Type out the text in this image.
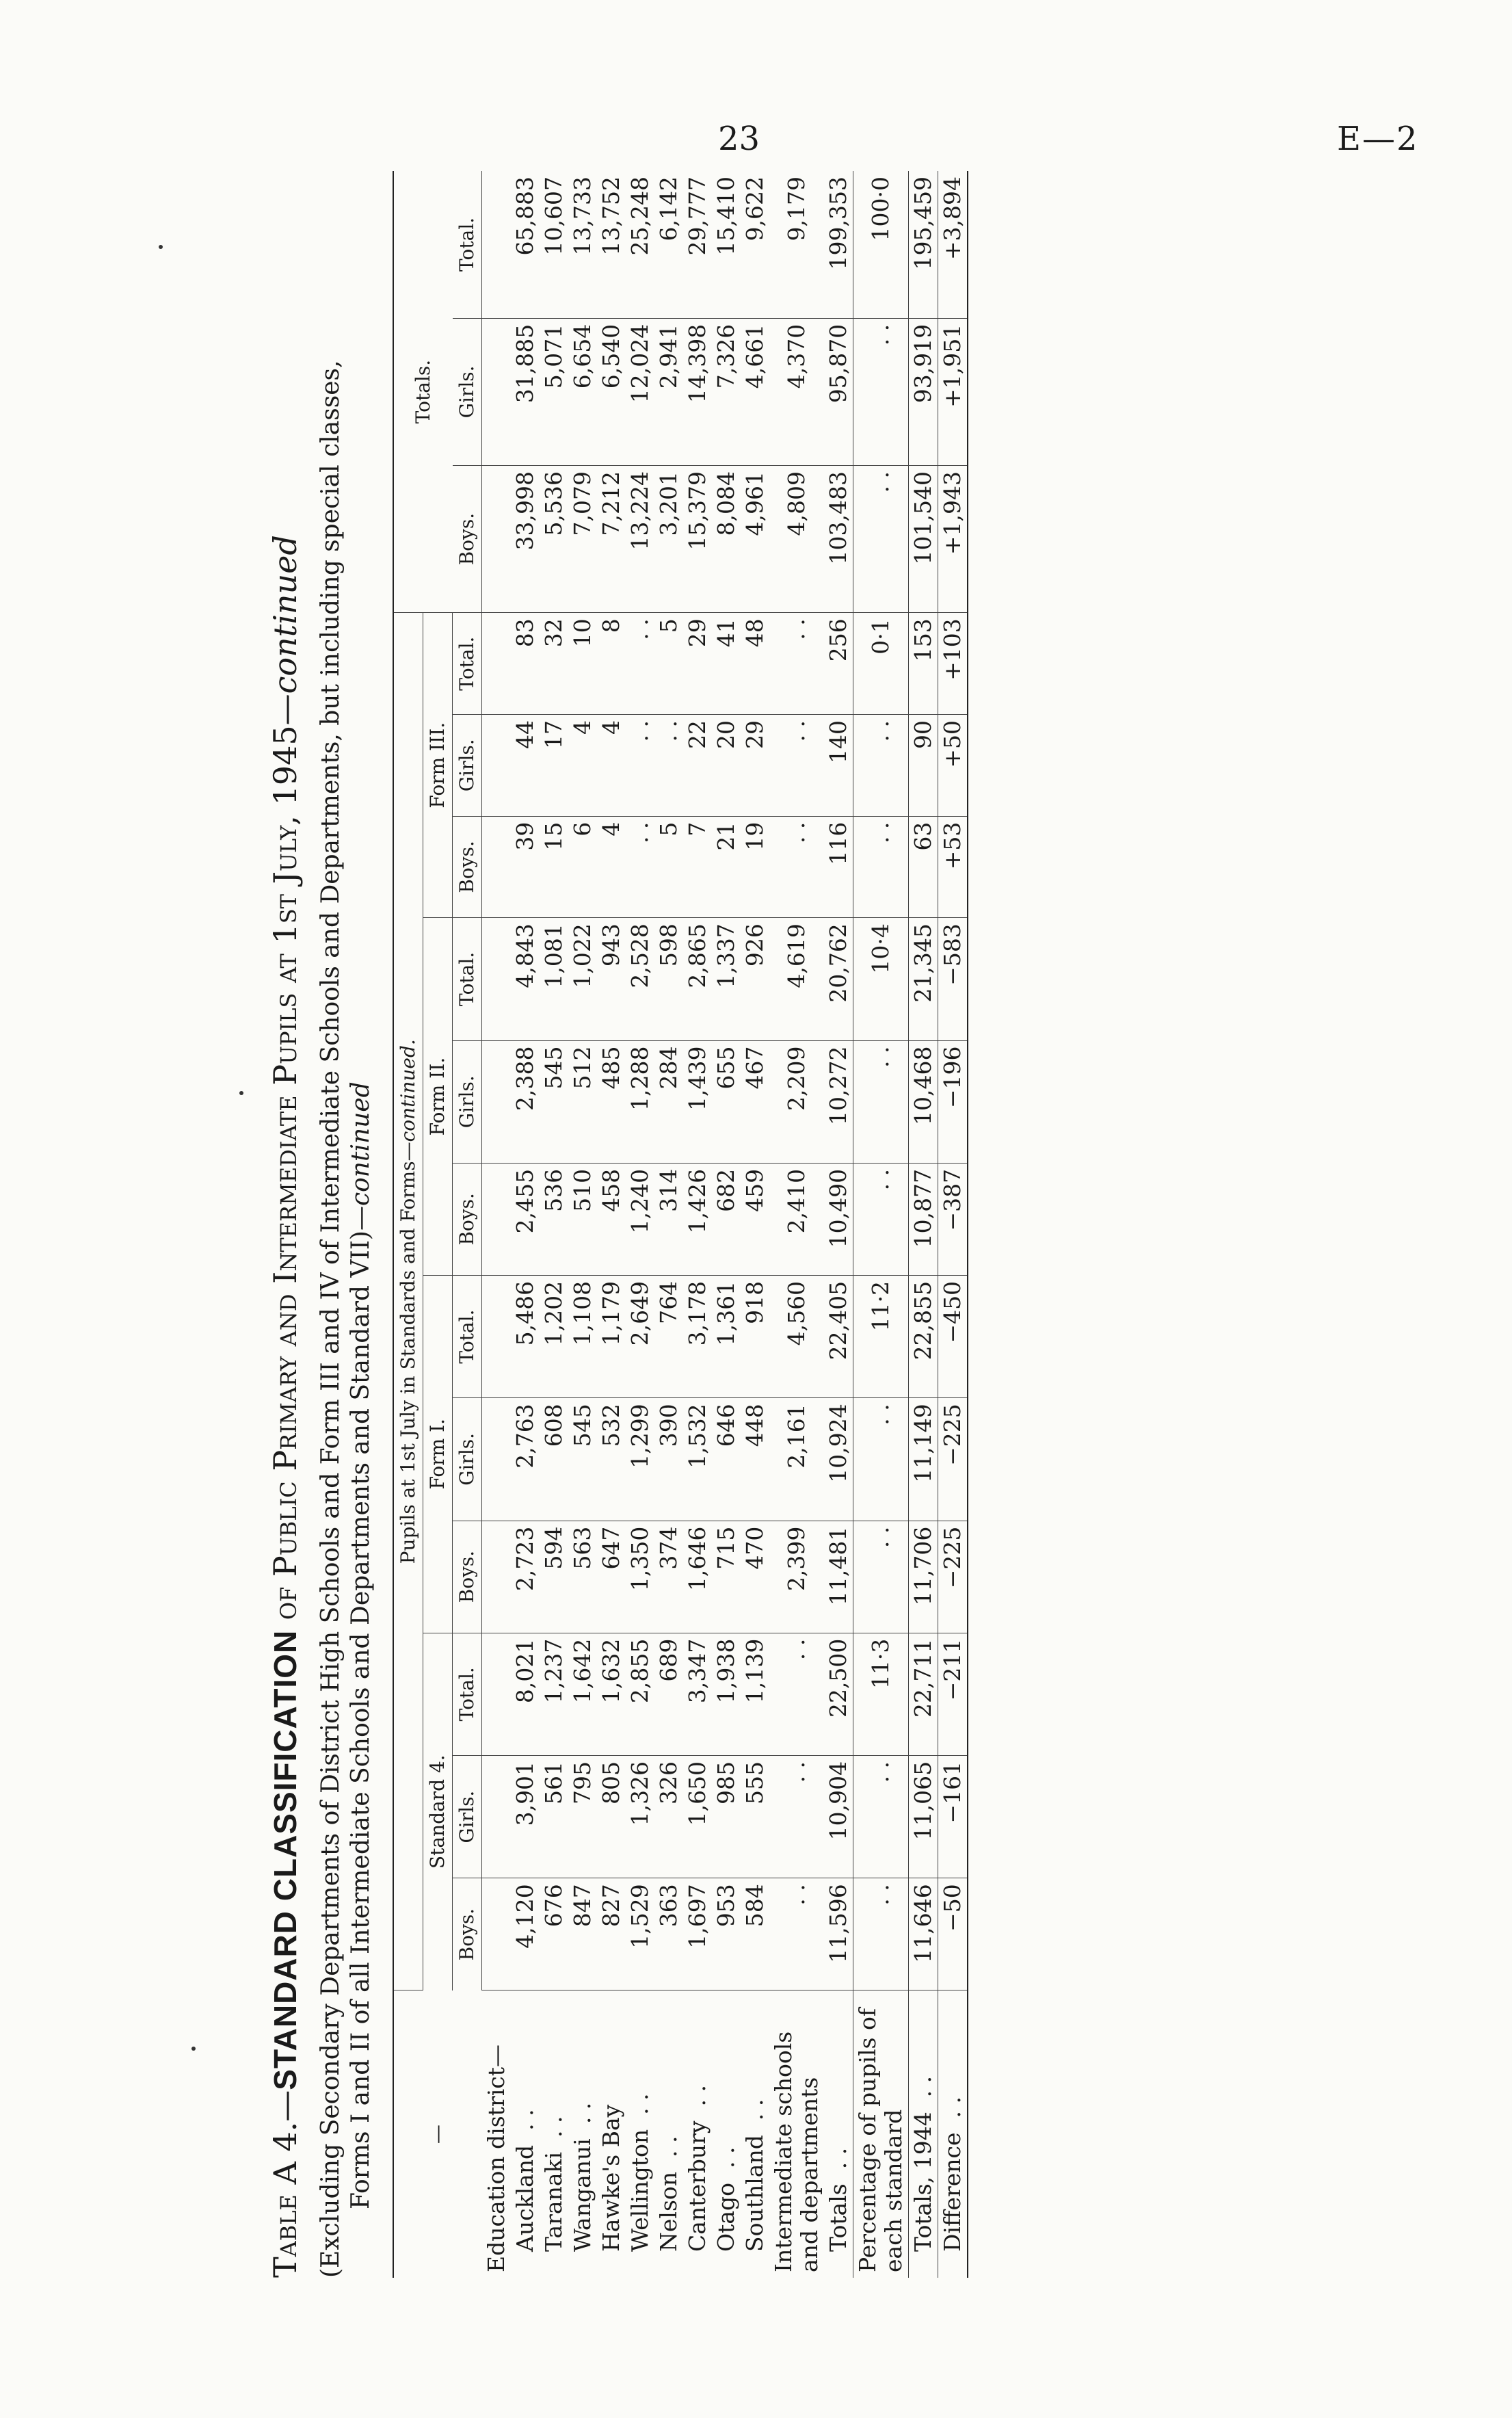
23	E—2
Table A 4.—STANDARD CLASSIFICATION of Public Primary and Intermediate Pupils at 1st July, 1945—continued (Excluding Secondary Departments of District High Schools and Form III and IV of Intermediate Schools and Departments, but including special classes, Forms I and II of all Intermediate Schools and Departments and Standard VII)—continued
—	Pupils at 1st July in Standards and Forms—continued.												Totals.		
	Standard 4.			Form I.			Form II.			Form III.					
	Boys.	Girls.	Total.	Boys.	Girls.	Total.	Boys.	Girls.	Total.	Boys.	Girls.	Total.	Boys.	Girls.	Total.
Education district—															
Auckland  . .	4,120	3,901	8,021	2,723	2,763	5,486	2,455	2,388	4,843	39	44	83	33,998	31,885	65,883
Taranaki  . .	676	561	1,237	594	608	1,202	536	545	1,081	15	17	32	5,536	5,071	10,607
Wanganui  . .	847	795	1,642	563	545	1,108	510	512	1,022	6	4	10	7,079	6,654	13,733
Hawke's Bay	827	805	1,632	647	532	1,179	458	485	943	4	4	8	7,212	6,540	13,752
Wellington  . .	1,529	1,326	2,855	1,350	1,299	2,649	1,240	1,288	2,528	. .	. .	. .	13,224	12,024	25,248
Nelson  . .	363	326	689	374	390	764	314	284	598	5	. .	5	3,201	2,941	6,142
Canterbury  . .	1,697	1,650	3,347	1,646	1,532	3,178	1,426	1,439	2,865	7	22	29	15,379	14,398	29,777
Otago  . .	953	985	1,938	715	646	1,361	682	655	1,337	21	20	41	8,084	7,326	15,410
Southland  . .	584	555	1,139	470	448	918	459	467	926	19	29	48	4,961	4,661	9,622
Intermediate schools and departments	. .	. .	. .	2,399	2,161	4,560	2,410	2,209	4,619	. .	. .	. .	4,809	4,370	9,179
Totals  . .	11,596	10,904	22,500	11,481	10,924	22,405	10,490	10,272	20,762	116	140	256	103,483	95,870	199,353
Percentage of pupils of each standard	. .	. .	11·3	. .	. .	11·2	. .	. .	10·4	. .	. .	0·1	. .	. .	100·0
Totals, 1944  . .	11,646	11,065	22,711	11,706	11,149	22,855	10,877	10,468	21,345	63	90	153	101,540	93,919	195,459
Difference  . .	−50	−161	−211	−225	−225	−450	−387	−196	−583	+53	+50	+103	+1,943	+1,951	+3,894
